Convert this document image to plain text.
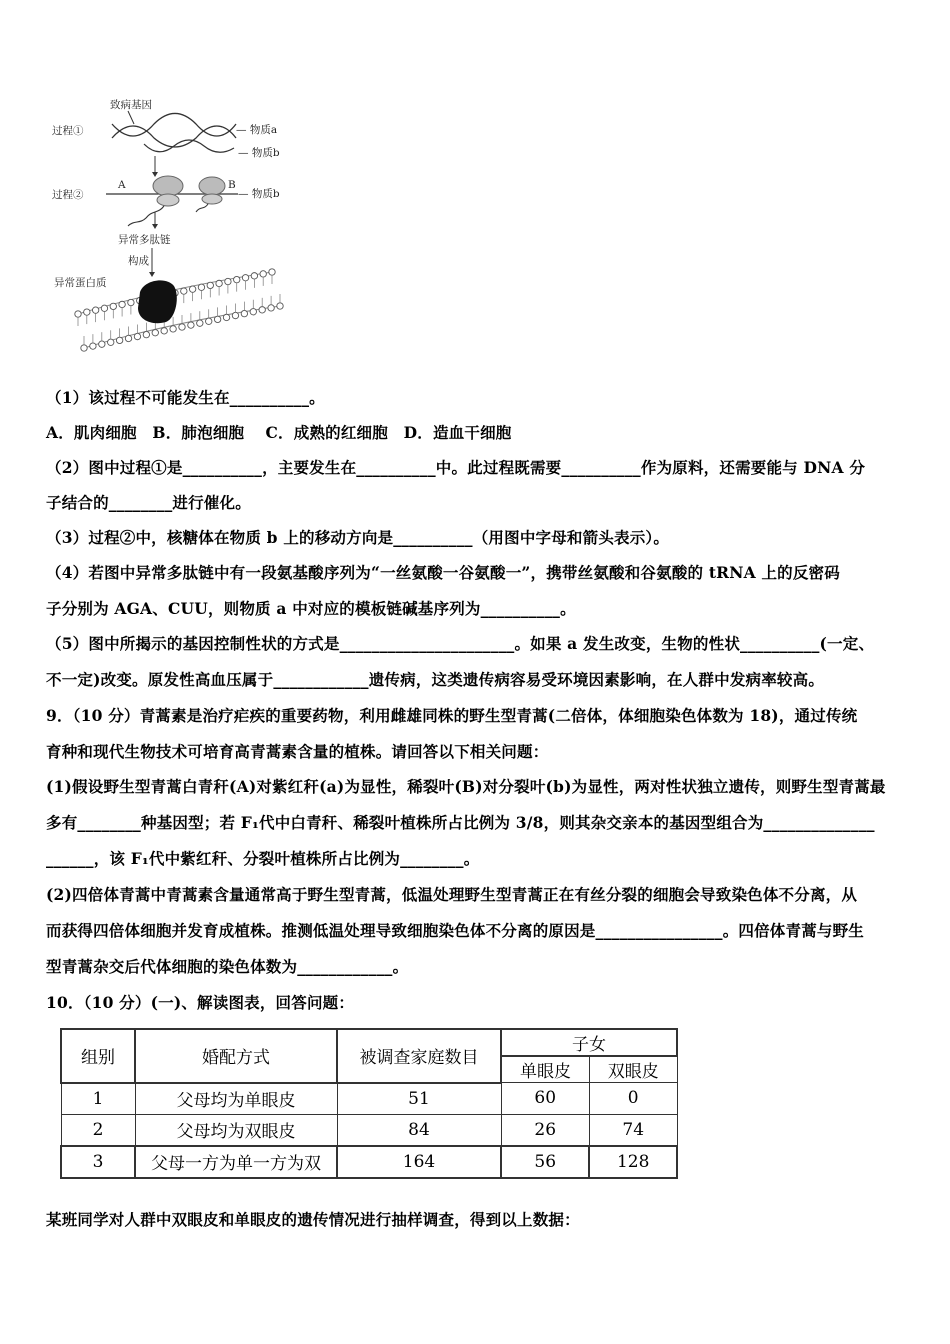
致病基因
过程①	— 物质a
— 物质b
过程②
A	B
— 物质b
异常多肽链
构成
异常蛋白质
（1）该过程不可能发生在__________。
A．肌肉细胞　B．肺泡细胞　 C．成熟的红细胞　D．造血干细胞
（2）图中过程①是__________，主要发生在__________中。此过程既需要__________作为原料，还需要能与 DNA 分
子结合的________进行催化。
（3）过程②中，核糖体在物质 b 上的移动方向是__________（用图中字母和箭头表示）。
（4）若图中异常多肽链中有一段氨基酸序列为“一丝氨酸一谷氨酸一”，携带丝氨酸和谷氨酸的 tRNA 上的反密码
子分别为 AGA、CUU，则物质 a 中对应的模板链碱基序列为__________。
（5）图中所揭示的基因控制性状的方式是______________________。如果 a 发生改变，生物的性状__________(一定、
不一定)改变。原发性高血压属于____________遗传病，这类遗传病容易受环境因素影响，在人群中发病率较高。
9．（10 分）青蒿素是治疗疟疾的重要药物，利用雌雄同株的野生型青蒿(二倍体，体细胞染色体数为 18)，通过传统
育种和现代生物技术可培育高青蒿素含量的植株。请回答以下相关问题：
(1)假设野生型青蒿白青秆(A)对紫红秆(a)为显性，稀裂叶(B)对分裂叶(b)为显性，两对性状独立遗传，则野生型青蒿最
多有________种基因型；若 F₁代中白青秆、稀裂叶植株所占比例为 3/8，则其杂交亲本的基因型组合为______________
______，该 F₁代中紫红秆、分裂叶植株所占比例为________。
(2)四倍体青蒿中青蒿素含量通常高于野生型青蒿，低温处理野生型青蒿正在有丝分裂的细胞会导致染色体不分离，从
而获得四倍体细胞并发育成植株。推测低温处理导致细胞染色体不分离的原因是________________。四倍体青蒿与野生
型青蒿杂交后代体细胞的染色体数为____________。
10．（10 分）(一)、解读图表，回答问题：
组别	婚配方式	被调查家庭数目	子女	
			单眼皮	双眼皮
1	父母均为单眼皮	51	60	0
2	父母均为双眼皮	84	26	74
3	父母一方为单一方为双	164	56	128
某班同学对人群中双眼皮和单眼皮的遗传情况进行抽样调查，得到以上数据：
